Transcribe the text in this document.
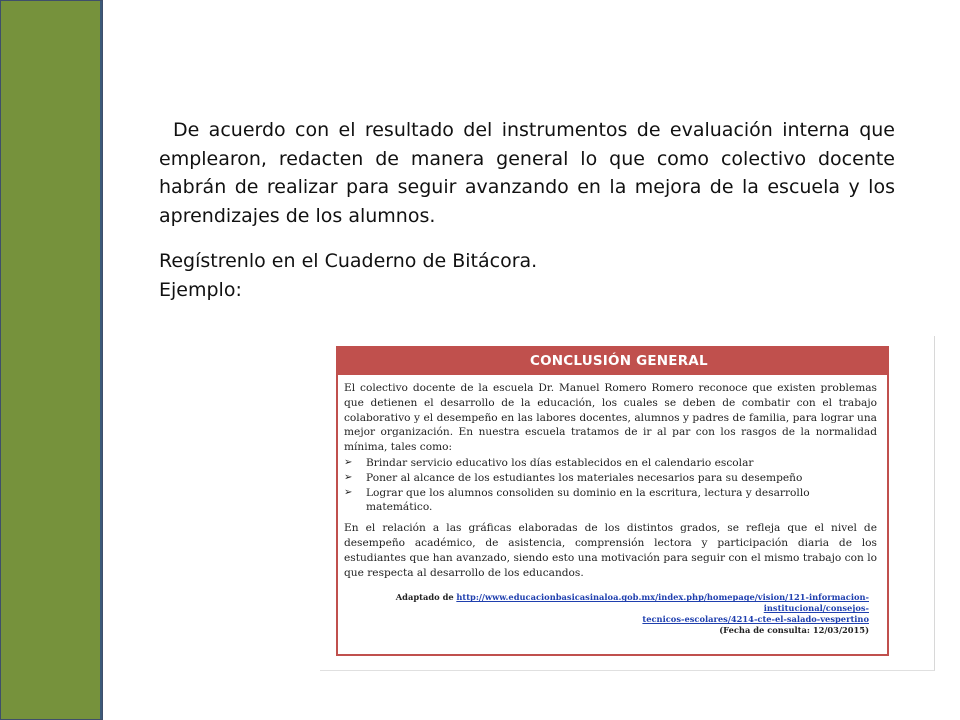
De acuerdo con el resultado del instrumentos de evaluación interna que emplearon, redacten de manera general lo que como colectivo docente habrán de realizar para seguir avanzando en la mejora de la escuela y los aprendizajes de los alumnos.

Regístrenlo en el Cuaderno de Bitácora.
Ejemplo:
CONCLUSIÓN GENERAL

El colectivo docente de la escuela Dr. Manuel Romero Romero reconoce que existen problemas que detienen el desarrollo de la educación, los cuales se deben de combatir con el trabajo colaborativo y el desempeño en las labores docentes, alumnos y padres de familia, para lograr una mejor organización. En nuestra escuela tratamos de ir al par con los rasgos de la normalidad mínima, tales como:

➢ Brindar servicio educativo los días establecidos en el calendario escolar
➢ Poner al alcance de los estudiantes los materiales necesarios para su desempeño
➢ Lograr que los alumnos consoliden su dominio en la escritura, lectura y desarrollo matemático.

En el relación a las gráficas elaboradas de los distintos grados, se refleja que el nivel de desempeño académico, de asistencia, comprensión lectora y participación diaria de los estudiantes que han avanzado, siendo esto una motivación para seguir con el mismo trabajo con lo que respecta al desarrollo de los educandos.

Adaptado de http://www.educacionbasicasinaloa.gob.mx/index.php/homepage/vision/121-informacion-institucional/consejos-
tecnicos-escolares/4214-cte-el-salado-vespertino
(Fecha de consulta: 12/03/2015)
